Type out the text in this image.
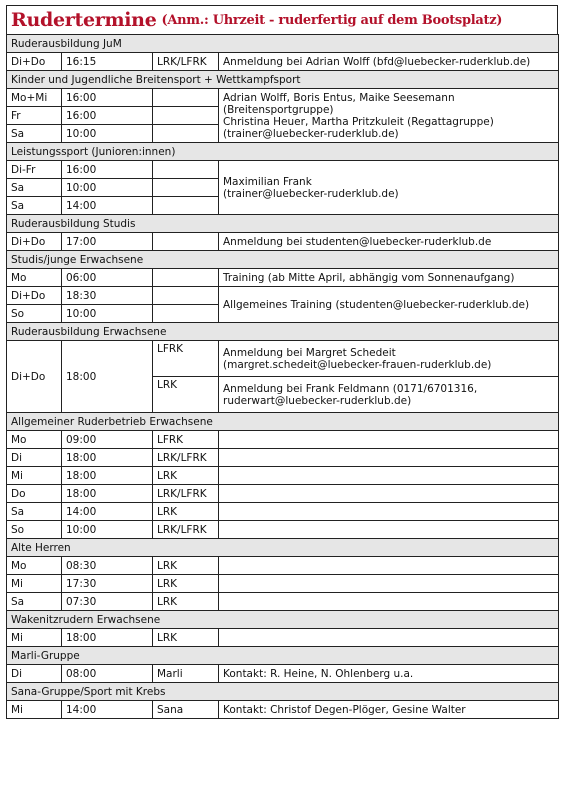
Rudertermine (Anm.: Uhrzeit - ruderfertig auf dem Bootsplatz)
Ruderausbildung JuM			
Di+Do	16:15	LRK/LFRK	Anmeldung bei Adrian Wolff (bfd@luebecker-ruderklub.de)
Kinder und Jugendliche Breitensport + Wettkampfsport			
Mo+Mi	16:00		Adrian Wolff, Boris Entus, Maike Seesemann
(Breitensportgruppe)
Christina Heuer, Martha Pritzkuleit (Regattagruppe)
(trainer@luebecker-ruderklub.de)

Fr	16:00		
Sa	10:00		
Leistungssport (Junioren:innen)			
Di-Fr	16:00		Maximilian Frank
(trainer@luebecker-ruderklub.de)

Sa	10:00		
Sa	14:00		
Ruderausbildung Studis			
Di+Do	17:00		Anmeldung bei studenten@luebecker-ruderklub.de
Studis/junge Erwachsene			
Mo	06:00		Training (ab Mitte April, abhängig vom Sonnenaufgang)
Di+Do	18:30		Allgemeines Training (studenten@luebecker-ruderklub.de)
So	10:00		
Ruderausbildung Erwachsene			
Di+Do	18:00	LFRK	Anmeldung bei Margret Schedeit
(margret.schedeit@luebecker-frauen-ruderklub.de)

		LRK	Anmeldung bei Frank Feldmann (0171/6701316,
ruderwart@luebecker-ruderklub.de)

Allgemeiner Ruderbetrieb Erwachsene			
Mo	09:00	LFRK	
Di	18:00	LRK/LFRK	
Mi	18:00	LRK	
Do	18:00	LRK/LFRK	
Sa	14:00	LRK	
So	10:00	LRK/LFRK	
Alte Herren			
Mo	08:30	LRK	
Mi	17:30	LRK	
Sa	07:30	LRK	
Wakenitzrudern Erwachsene			
Mi	18:00	LRK	
Marli-Gruppe			
Di	08:00	Marli	Kontakt: R. Heine, N. Ohlenberg u.a.
Sana-Gruppe/Sport mit Krebs			
Mi	14:00	Sana	Kontakt: Christof Degen-Plöger, Gesine Walter
